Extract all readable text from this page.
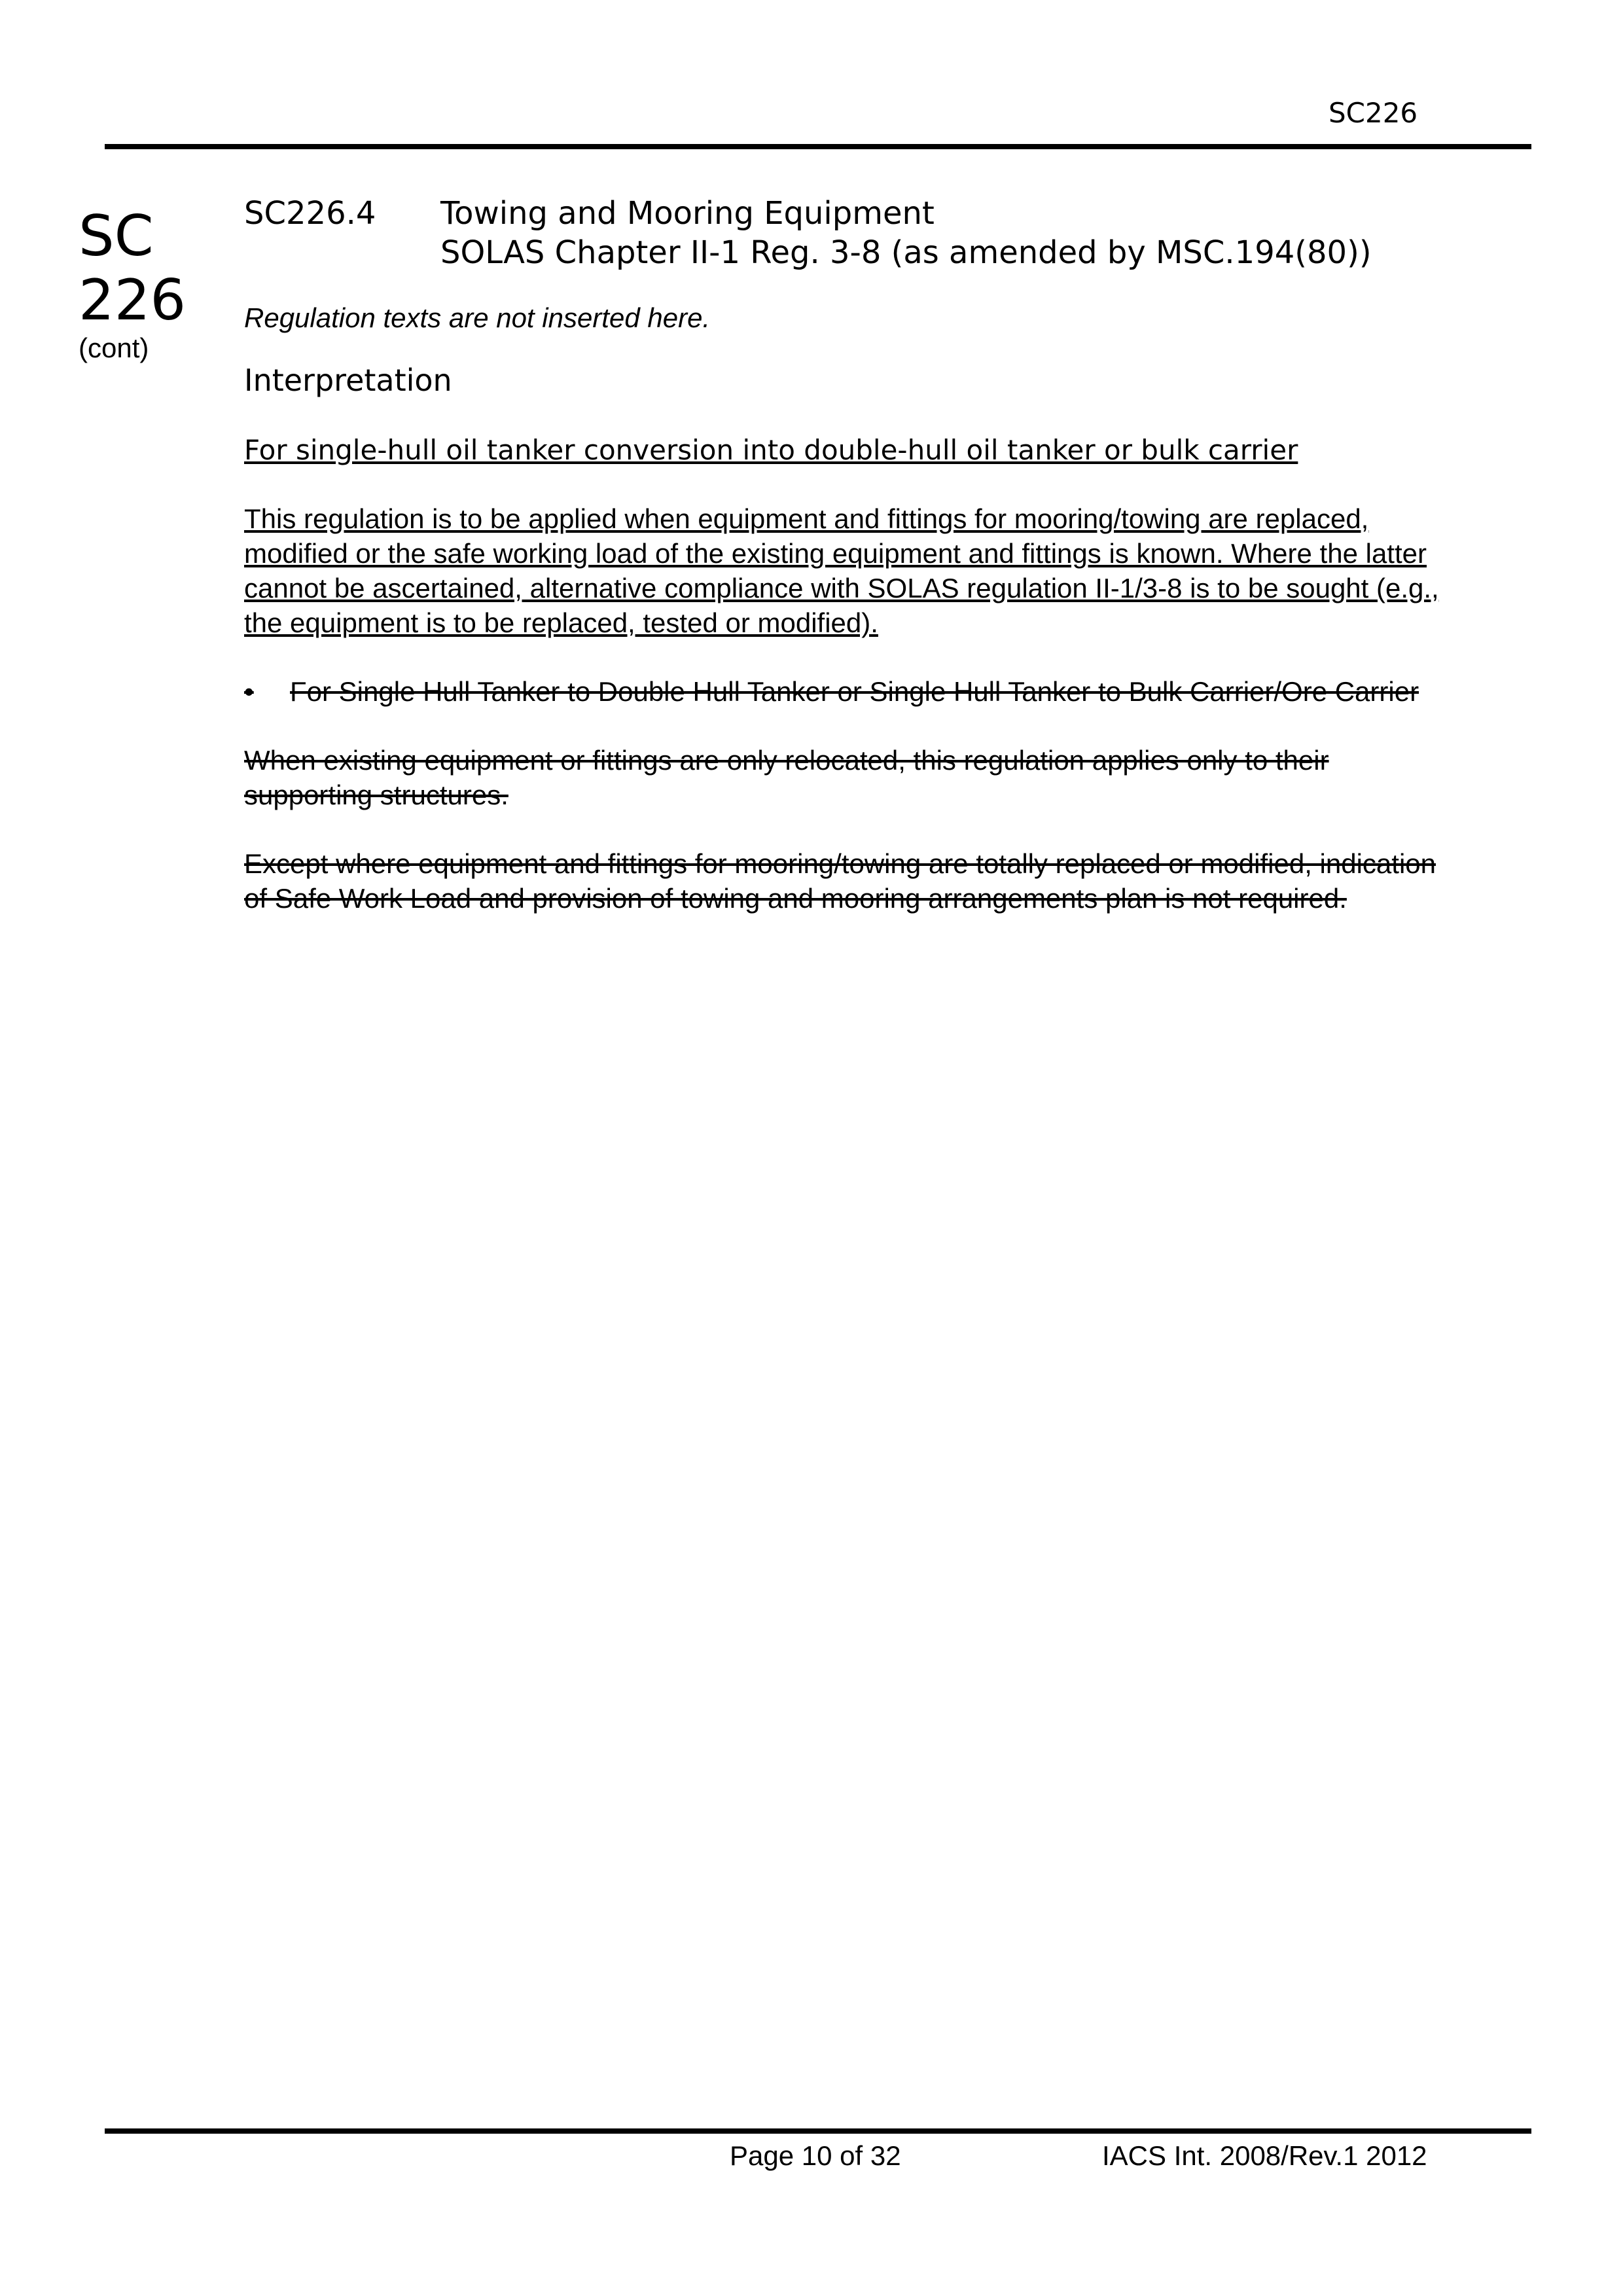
SC226
SC
226
(cont)
SC226.4	Towing and Mooring Equipment
SOLAS Chapter II-1 Reg. 3-8 (as amended by MSC.194(80))
Regulation texts are not inserted here.
Interpretation
For single-hull oil tanker conversion into double-hull oil tanker or bulk carrier
This regulation is to be applied when equipment and fittings for mooring/towing are replaced, modified or the safe working load of the existing equipment and fittings is known. Where the latter cannot be ascertained, alternative compliance with SOLAS regulation II-1/3-8 is to be sought (e.g., the equipment is to be replaced, tested or modified).
•	For Single Hull Tanker to Double Hull Tanker or Single Hull Tanker to Bulk Carrier/Ore Carrier
When existing equipment or fittings are only relocated, this regulation applies only to their supporting structures.
Except where equipment and fittings for mooring/towing are totally replaced or modified, indication of Safe Work Load and provision of towing and mooring arrangements plan is not required.
Page 10 of 32	IACS Int. 2008/Rev.1 2012
